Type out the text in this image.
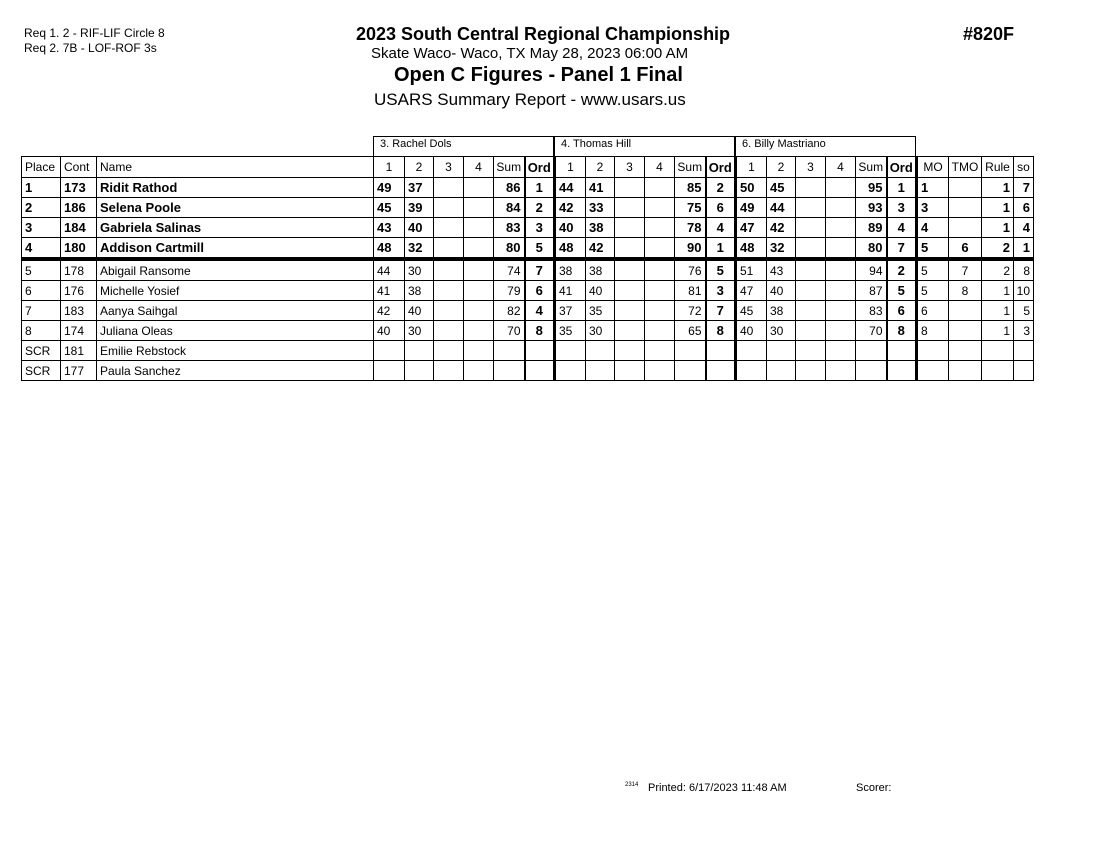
Req 1. 2 - RIF-LIF Circle 8
Req 2. 7B - LOF-ROF 3s
2023 South Central Regional Championship
Skate Waco- Waco, TX May 28, 2023 06:00 AM
Open C Figures - Panel 1 Final
USARS Summary Report - www.usars.us
#820F
3. Rachel Dols	4. Thomas Hill	6. Billy Mastriano
Place	Cont	Name	1	2	3	4	Sum	Ord	1	2	3	4	Sum	Ord	1	2	3	4	Sum	Ord	MO	TMO	Rule	so
1	173	Ridit Rathod	49	37			86	1	44	41			85	2	50	45			95	1	1		1	7
2	186	Selena Poole	45	39			84	2	42	33			75	6	49	44			93	3	3		1	6
3	184	Gabriela Salinas	43	40			83	3	40	38			78	4	47	42			89	4	4		1	4
4	180	Addison Cartmill	48	32			80	5	48	42			90	1	48	32			80	7	5	6	2	1
5	178	Abigail Ransome	44	30			74	7	38	38			76	5	51	43			94	2	5	7	2	8
6	176	Michelle Yosief	41	38			79	6	41	40			81	3	47	40			87	5	5	8	1	10
7	183	Aanya Saihgal	42	40			82	4	37	35			72	7	45	38			83	6	6		1	5
8	174	Juliana Oleas	40	30			70	8	35	30			65	8	40	30			70	8	8		1	3
SCR	181	Emilie Rebstock																						
SCR	177	Paula Sanchez																						
2314 Printed: 6/17/2023 11:48 AM	Scorer:
